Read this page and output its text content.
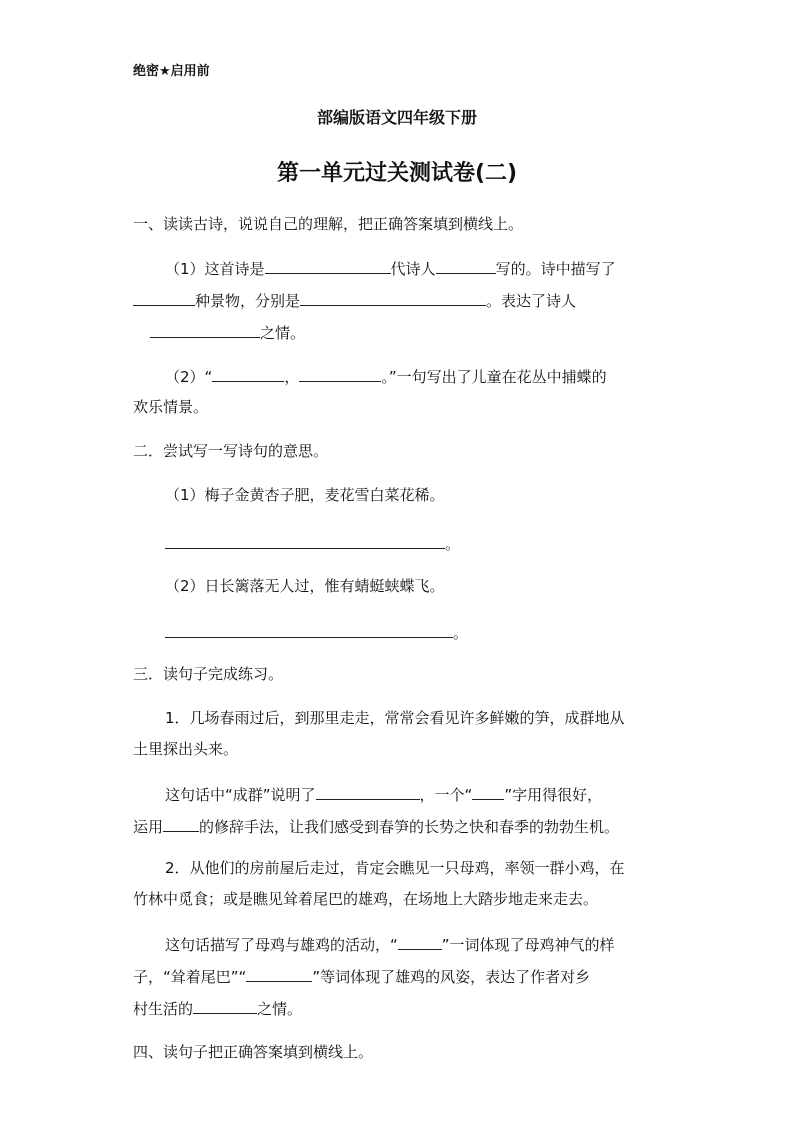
绝密★启用前
部编版语文四年级下册
第一单元过关测试卷(二)
一、读读古诗，说说自己的理解，把正确答案填到横线上。
（1）这首诗是	代诗人	写的。诗中描写了
种景物，分别是	。表达了诗人
之情。
（2）“	，	。”一句写出了儿童在花丛中捕蝶的
欢乐情景。
二．尝试写一写诗句的意思。
（1）梅子金黄杏子肥，麦花雪白菜花稀。
。
（2）日长篱落无人过，惟有蜻蜓蛱蝶飞。
。
三．读句子完成练习。
1．几场春雨过后，到那里走走，常常会看见许多鲜嫩的笋，成群地从
土里探出头来。
这句话中“成群”说明了	，一个“ ”字用得很好，
运用 的修辞手法，让我们感受到春笋的长势之快和春季的勃勃生机。
2．从他们的房前屋后走过，肯定会瞧见一只母鸡，率领一群小鸡，在
竹林中觅食；或是瞧见耸着尾巴的雄鸡，在场地上大踏步地走来走去。
这句话描写了母鸡与雄鸡的活动，“	”一词体现了母鸡神气的样
子，“耸着尾巴”“	”等词体现了雄鸡的风姿，表达了作者对乡
村生活的	之情。
四、读句子把正确答案填到横线上。
